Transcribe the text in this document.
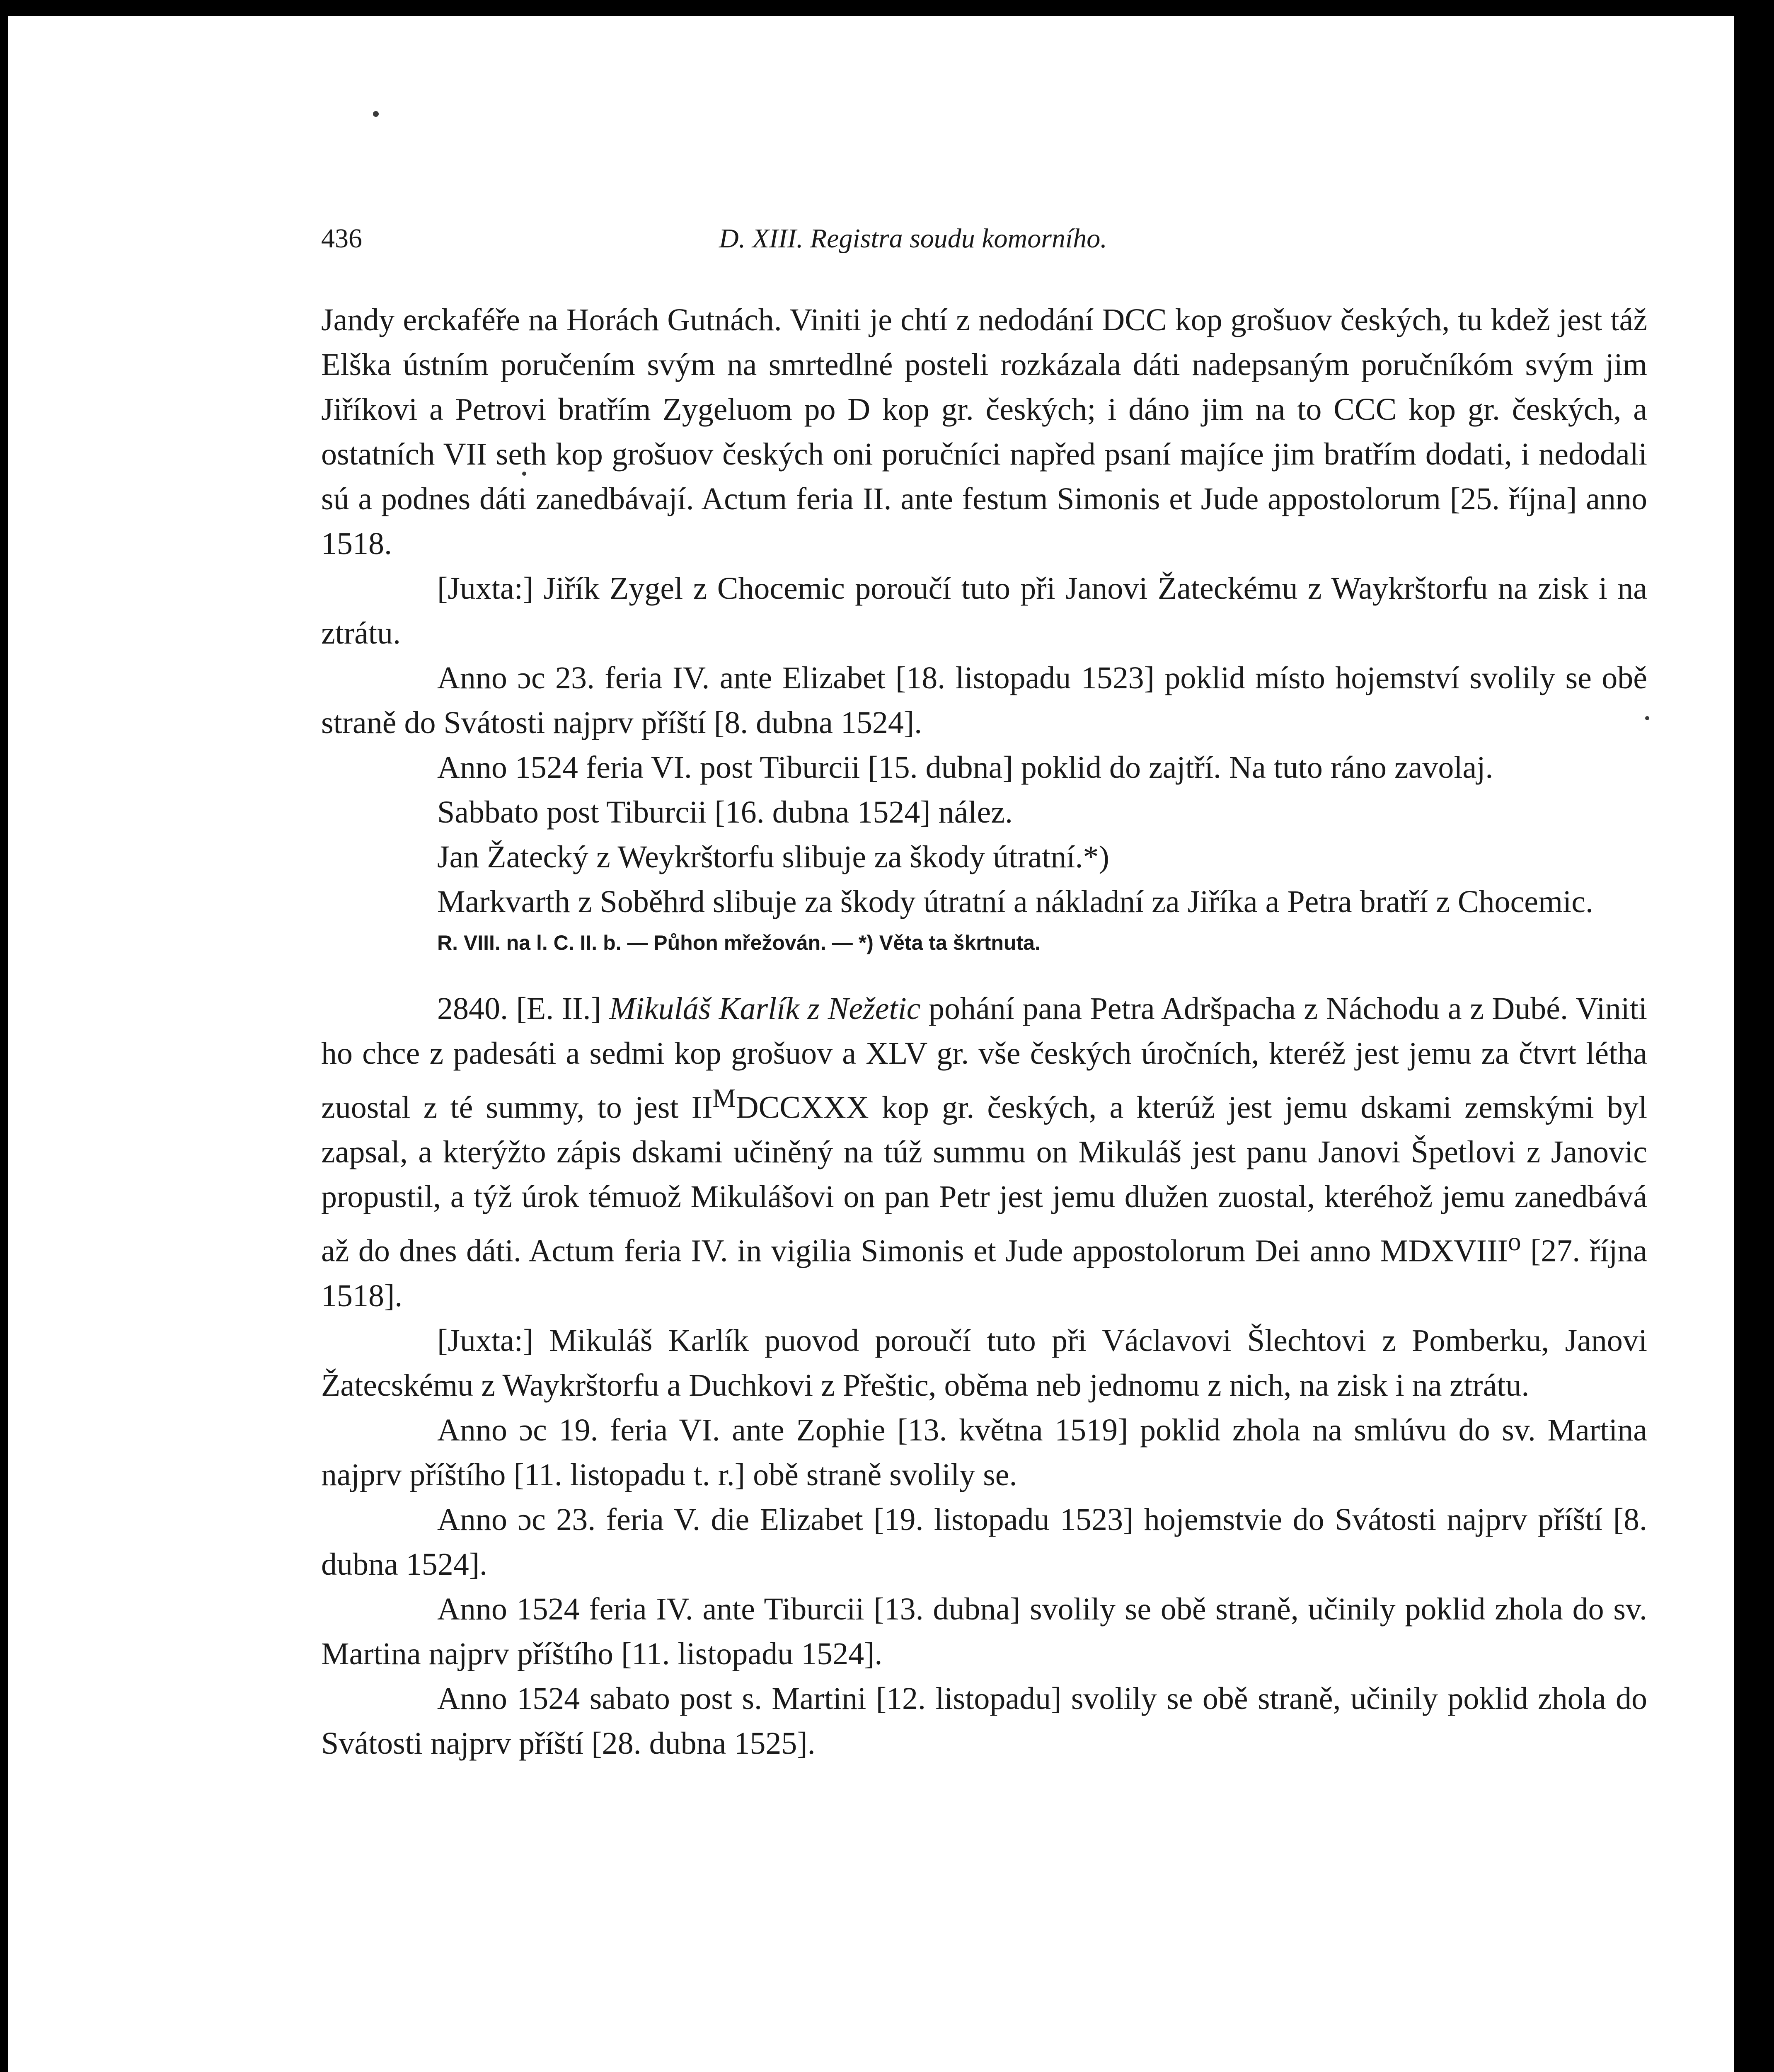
436	D. XIII. Registra soudu komorního.

Jandy erckaféře na Horách Gutnách. Viniti je chtí z nedodání DCC kop grošuov českých, tu kdež jest táž Elška ústním poručením svým na smrtedlné posteli rozkázala dáti nadepsaným poručníkóm svým jim Jiříkovi a Petrovi bratřím Zygeluom po D kop gr. českých; i dáno jim na to CCC kop gr. českých, a ostatních VII seth kop grošuov českých oni poručníci napřed psaní majíce jim bratřím dodati, i nedodali sú a podnes dáti zanedbávají. Actum feria II. ante festum Simonis et Jude appostolorum [25. října] anno 1518.

[Juxta:] Jiřík Zygel z Chocemic poroučí tuto při Janovi Žateckému z Waykrštorfu na zisk i na ztrátu.

Anno ɔc 23. feria IV. ante Elizabet [18. listopadu 1523] poklid místo hojemství svolily se obě straně do Svátosti najprv příští [8. dubna 1524].

Anno 1524 feria VI. post Tiburcii [15. dubna] poklid do zajtří. Na tuto ráno zavolaj.

Sabbato post Tiburcii [16. dubna 1524] nález.

Jan Žatecký z Weykrštorfu slibuje za škody útratní.*)

Markvarth z Soběhrd slibuje za škody útratní a nákladní za Jiříka a Petra bratří z Chocemic.

R. VIII. na l. C. II. b. — Půhon mřežován. — *) Věta ta škrtnuta.

2840. [E. II.] Mikuláš Karlík z Nežetic pohání pana Petra Adršpacha z Náchodu a z Dubé. Viniti ho chce z padesáti a sedmi kop grošuov a XLV gr. vše českých úročních, kteréž jest jemu za čtvrt létha zuostal z té summy, to jest $II^MDCCXXX$ kop gr. českých, a kterúž jest jemu dskami zemskými byl zapsal, a kterýžto zápis dskami učiněný na túž summu on Mikuláš jest panu Janovi Špetlovi z Janovic propustil, a týž úrok témuož Mikulášovi on pan Petr jest jemu dlužen zuostal, kteréhož jemu zanedbává až do dnes dáti. Actum feria IV. in vigilia Simonis et Jude appostolorum Dei anno MDXVIII$^o$ [27. října 1518].

[Juxta:] Mikuláš Karlík puovod poroučí tuto při Václavovi Šlechtovi z Pomberku, Janovi Žatecskému z Waykrštorfu a Duchkovi z Přeštic, oběma neb jednomu z nich, na zisk i na ztrátu.

Anno ɔc 19. feria VI. ante Zophie [13. května 1519] poklid zhola na smlúvu do sv. Martina najprv příštího [11. listopadu t. r.] obě straně svolily se.

Anno ɔc 23. feria V. die Elizabet [19. listopadu 1523] hojemstvie do Svátosti najprv příští [8. dubna 1524].

Anno 1524 feria IV. ante Tiburcii [13. dubna] svolily se obě straně, učinily poklid zhola do sv. Martina najprv příštího [11. listopadu 1524].

Anno 1524 sabato post s. Martini [12. listopadu] svolily se obě straně, učinily poklid zhola do Svátosti najprv příští [28. dubna 1525].
